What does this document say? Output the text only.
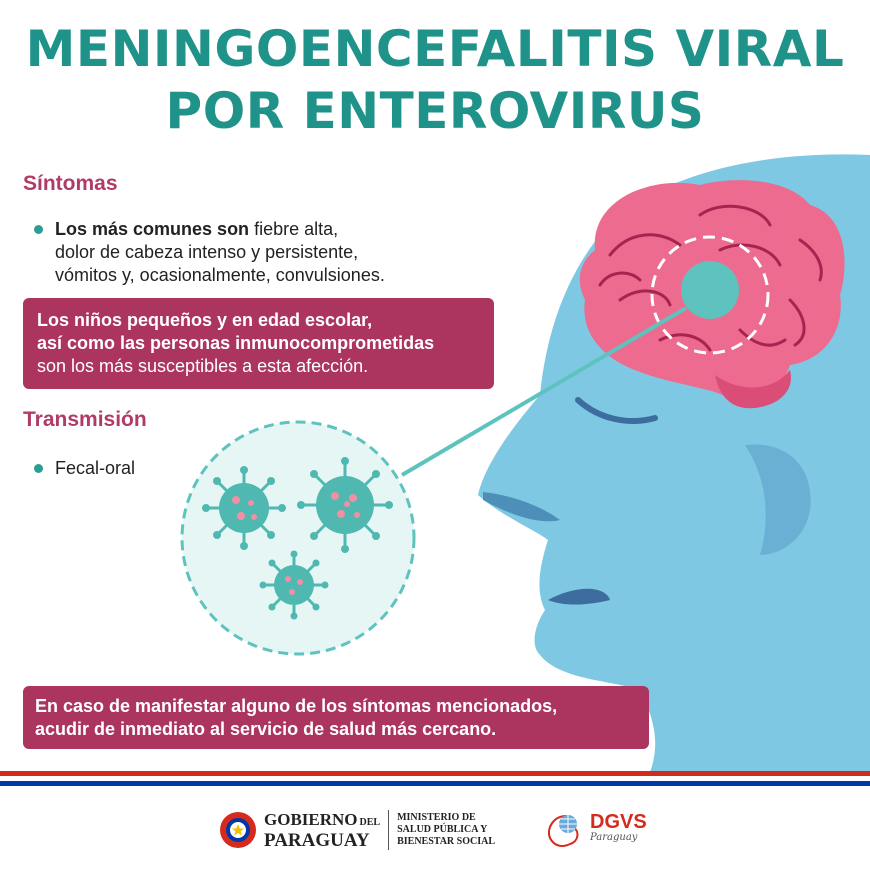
MENINGOENCEFALITIS VIRAL
POR ENTEROVIRUS
Síntomas
Los más comunes son fiebre alta,
dolor de cabeza intenso y persistente,
vómitos y, ocasionalmente, convulsiones.
Los niños pequeños y en edad escolar,
así como las personas inmunocomprometidas
son los más susceptibles a esta afección.
Transmisión
Fecal-oral
En caso de manifestar alguno de los síntomas mencionados,
acudir de inmediato al servicio de salud más cercano.
GOBIERNO DEL
PARAGUAY
MINISTERIO DE
SALUD PÚBLICA Y
BIENESTAR SOCIAL
DGVS
Paraguay
